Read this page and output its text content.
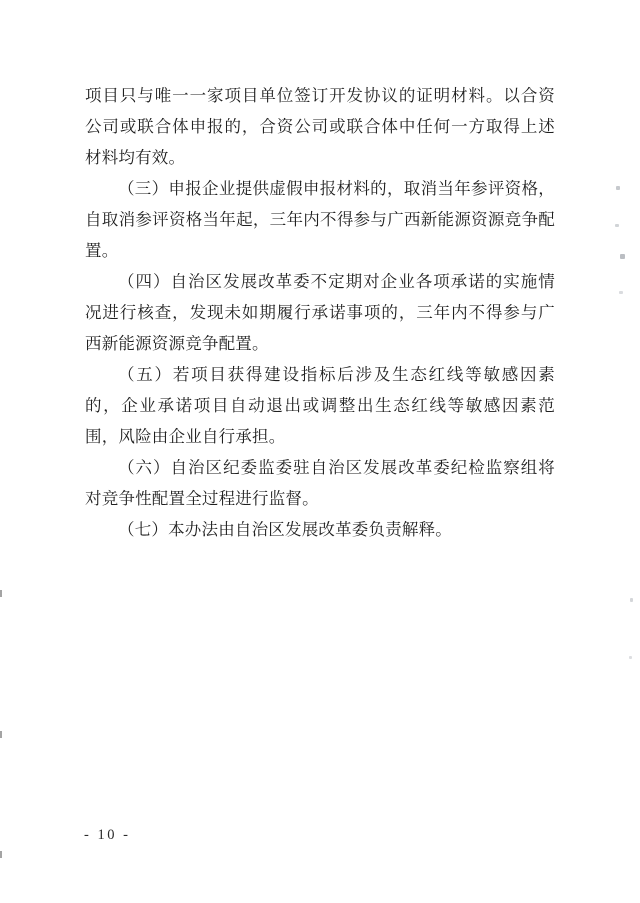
项目只与唯一一家项目单位签订开发协议的证明材料。以合资
公司或联合体申报的，合资公司或联合体中任何一方取得上述
材料均有效。
（三）申报企业提供虚假申报材料的，取消当年参评资格，
自取消参评资格当年起，三年内不得参与广西新能源资源竞争配
置。
（四）自治区发展改革委不定期对企业各项承诺的实施情
况进行核查，发现未如期履行承诺事项的，三年内不得参与广
西新能源资源竞争配置。
（五）若项目获得建设指标后涉及生态红线等敏感因素
的，企业承诺项目自动退出或调整出生态红线等敏感因素范
围，风险由企业自行承担。
（六）自治区纪委监委驻自治区发展改革委纪检监察组将
对竞争性配置全过程进行监督。
（七）本办法由自治区发展改革委负责解释。
- 10 -
